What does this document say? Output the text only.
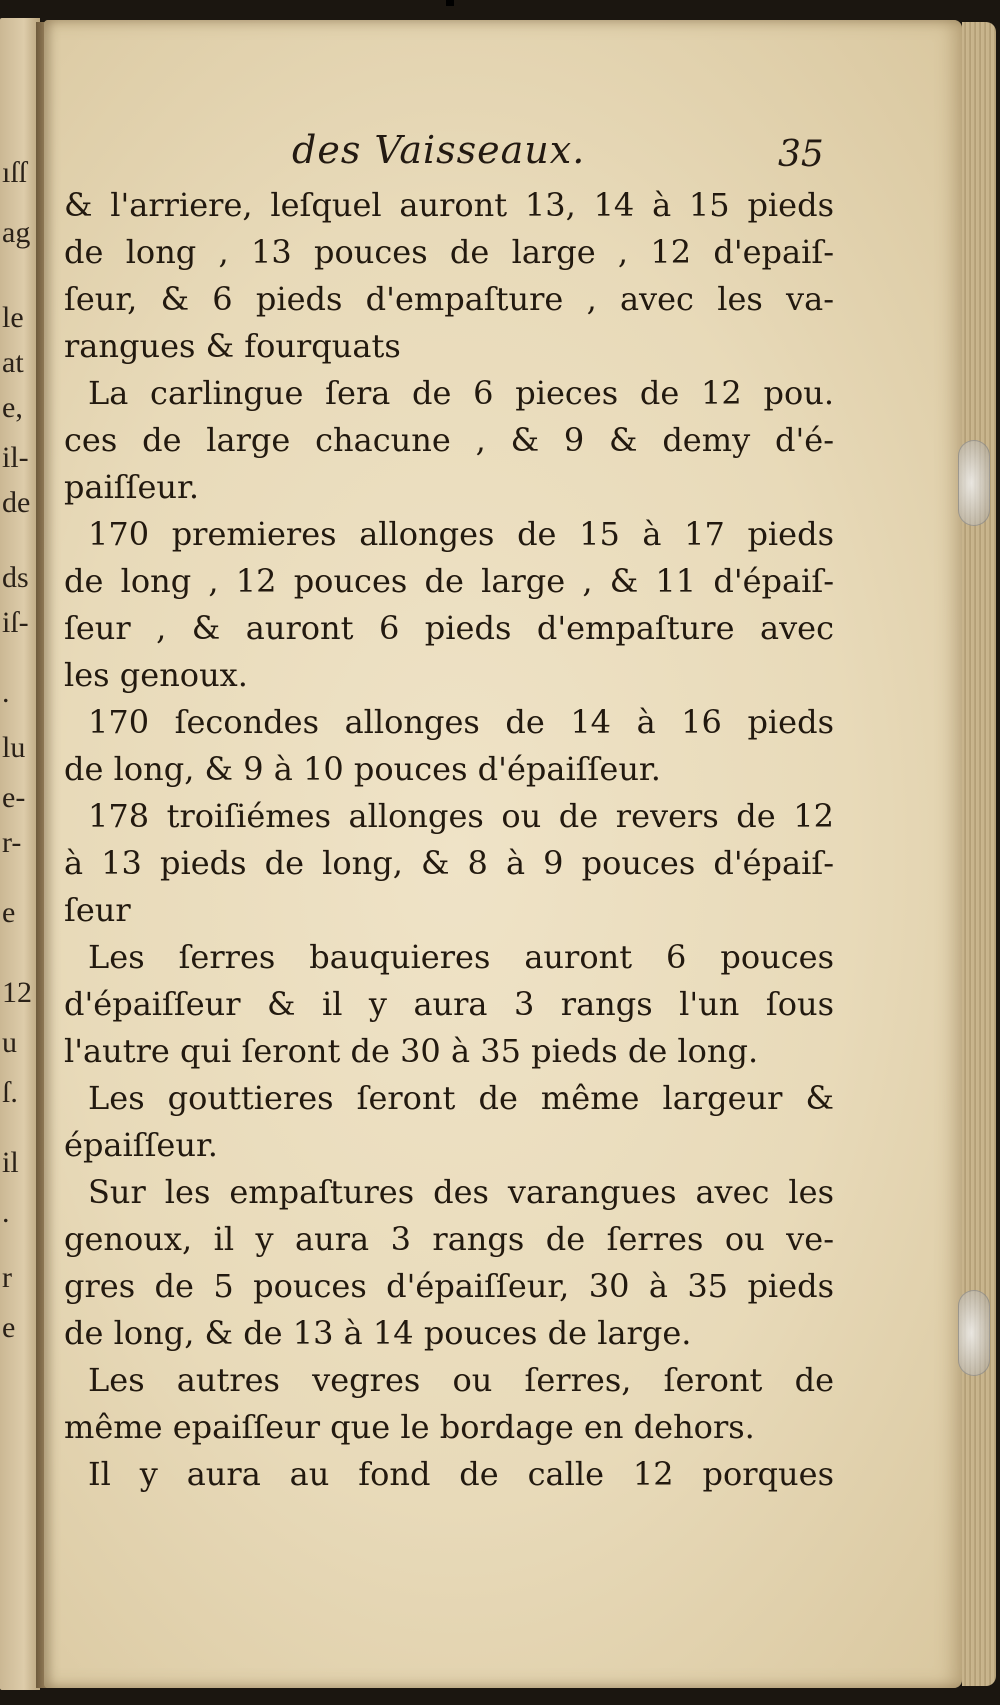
ıſſ
ag
le
at
e,
il-
de
ds
iſ-
.
lu
e-
r-
e
12
u
ſ.
il
.
r
e
des Vaisseaux.	35
& l'arriere, leſquel auront 13, 14 à 15 pieds
de long , 13 pouces de large , 12 d'epaiſ-
ſeur, & 6 pieds d'empaſture , avec les va-
rangues & fourquats
La carlingue ſera de 6 pieces de 12 pou.
ces de large chacune , & 9 & demy d'é-
paiſſeur.
170 premieres allonges de 15 à 17 pieds
de long , 12 pouces de large , & 11 d'épaiſ-
ſeur , & auront 6 pieds d'empaſture avec
les genoux.
170 ſecondes allonges de 14 à 16 pieds
de long, & 9 à 10 pouces d'épaiſſeur.
178 troiſiémes allonges ou de revers de 12
à 13 pieds de long, & 8 à 9 pouces d'épaiſ-
ſeur
Les ſerres bauquieres auront 6 pouces
d'épaiſſeur & il y aura 3 rangs l'un ſous
l'autre qui ſeront de 30 à 35 pieds de long.
Les gouttieres ſeront de même largeur &
épaiſſeur.
Sur les empaſtures des varangues avec les
genoux, il y aura 3 rangs de ſerres ou ve-
gres de 5 pouces d'épaiſſeur, 30 à 35 pieds
de long, & de 13 à 14 pouces de large.
Les autres vegres ou ſerres, ſeront de
même epaiſſeur que le bordage en dehors.
Il y aura au fond de calle 12 porques
